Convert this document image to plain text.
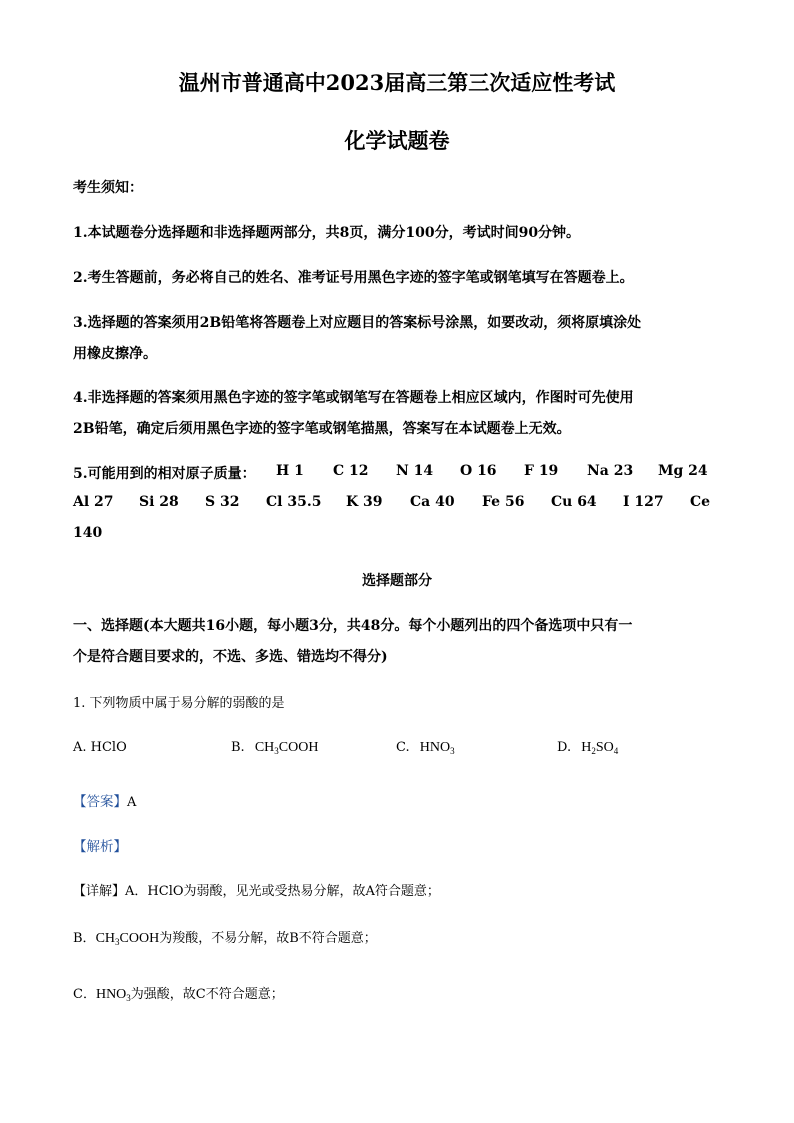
温州市普通高中2023届高三第三次适应性考试
化学试题卷
考生须知：
1.本试题卷分选择题和非选择题两部分，共8页，满分100分，考试时间90分钟。
2.考生答题前，务必将自己的姓名、准考证号用黑色字迹的签字笔或钢笔填写在答题卷上。
3.选择题的答案须用2B铅笔将答题卷上对应题目的答案标号涂黑，如要改动，须将原填涂处
用橡皮擦净。
4.非选择题的答案须用黑色字迹的签字笔或钢笔写在答题卷上相应区域内，作图时可先使用
2B铅笔，确定后须用黑色字迹的签字笔或钢笔描黑，答案写在本试题卷上无效。
5.可能用到的相对原子质量： H 1 C 12 N 14 O 16 F 19 Na 23 Mg 24
Al 27 Si 28 S 32 Cl 35.5 K 39 Ca 40 Fe 56 Cu 64 I 127 Ce
140
选择题部分
一、选择题(本大题共16小题，每小题3分，共48分。每个小题列出的四个备选项中只有一
个是符合题目要求的，不选、多选、错选均不得分)
1. 下列物质中属于易分解的弱酸的是
A. HClO	B. $CH_3COOH$	C. $HNO_3$	D. $H_2SO_4$
【答案】A
【解析】
【详解】A．HClO为弱酸，见光或受热易分解，故A符合题意；
B．$CH_3COOH$为羧酸，不易分解，故B不符合题意；
C．$HNO_3$为强酸，故C不符合题意；
